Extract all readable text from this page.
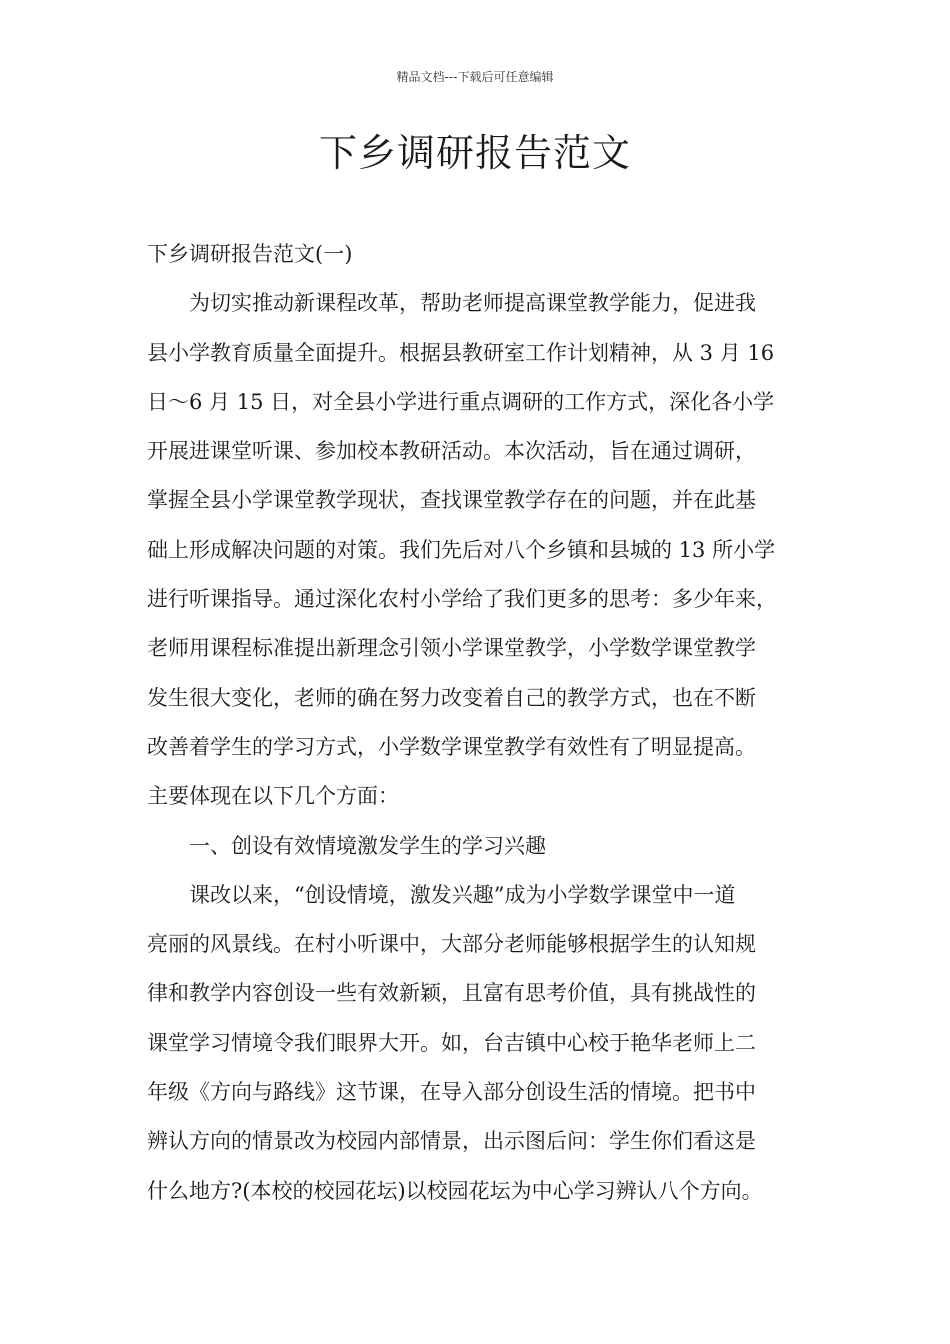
精品文档---下载后可任意编辑
下乡调研报告范文
下乡调研报告范文(一)
为切实推动新课程改革，帮助老师提高课堂教学能力，促进我
县小学教育质量全面提升。根据县教研室工作计划精神，从 3 月 16
日～6 月 15 日，对全县小学进行重点调研的工作方式，深化各小学
开展进课堂听课、参加校本教研活动。本次活动，旨在通过调研，
掌握全县小学课堂教学现状，查找课堂教学存在的问题，并在此基
础上形成解决问题的对策。我们先后对八个乡镇和县城的 13 所小学
进行听课指导。通过深化农村小学给了我们更多的思考：多少年来，
老师用课程标准提出新理念引领小学课堂教学，小学数学课堂教学
发生很大变化，老师的确在努力改变着自己的教学方式，也在不断
改善着学生的学习方式，小学数学课堂教学有效性有了明显提高。
主要体现在以下几个方面：
一、创设有效情境激发学生的学习兴趣
课改以来，“创设情境，激发兴趣”成为小学数学课堂中一道
亮丽的风景线。在村小听课中，大部分老师能够根据学生的认知规
律和教学内容创设一些有效新颖，且富有思考价值，具有挑战性的
课堂学习情境令我们眼界大开。如，台吉镇中心校于艳华老师上二
年级《方向与路线》这节课，在导入部分创设生活的情境。把书中
辨认方向的情景改为校园内部情景，出示图后问：学生你们看这是
什么地方?(本校的校园花坛)以校园花坛为中心学习辨认八个方向。
